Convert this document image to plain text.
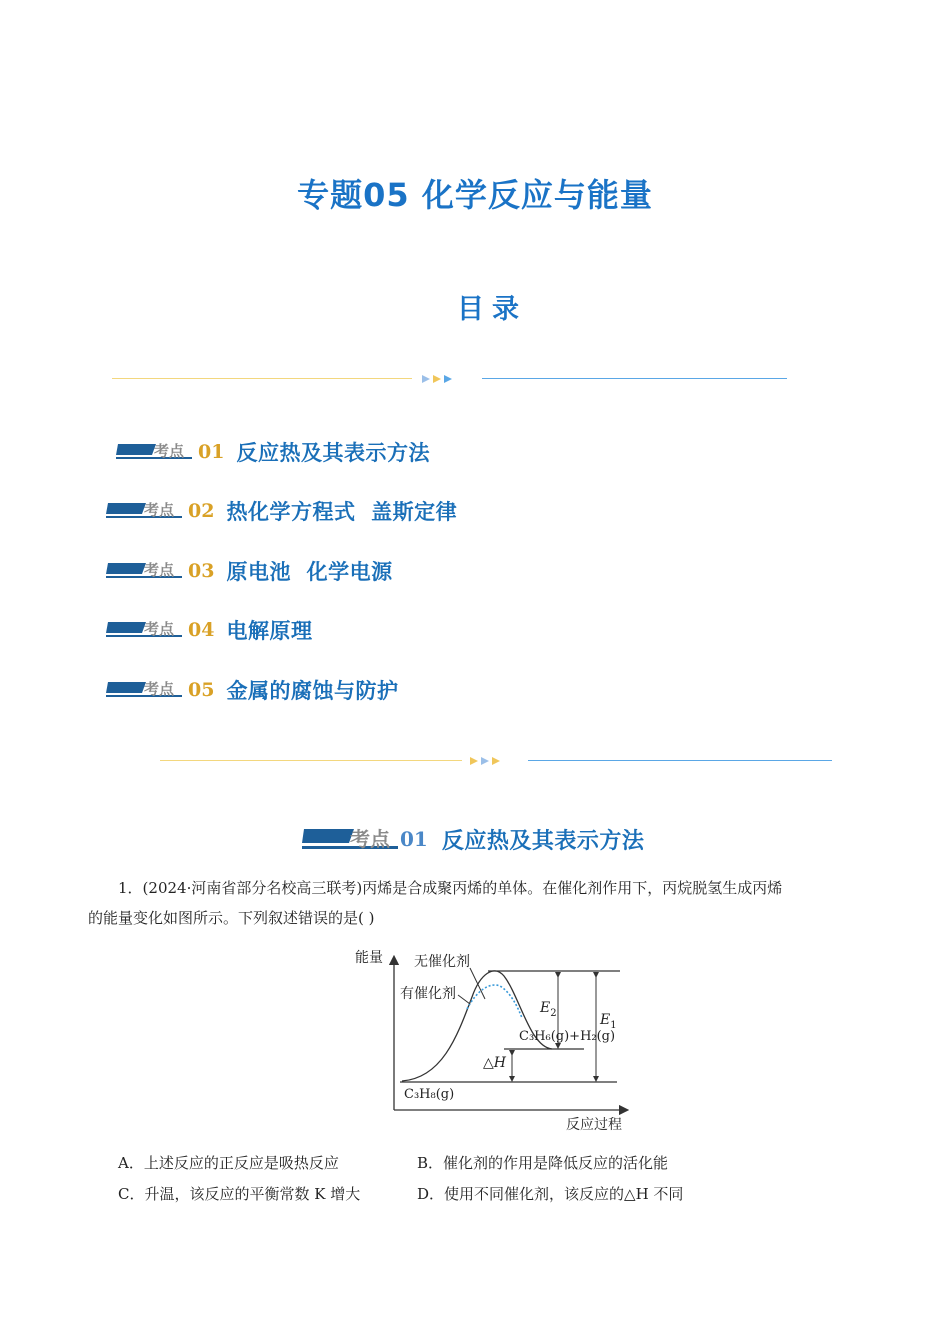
专题05 化学反应与能量
目录
考点 01 反应热及其表示方法
考点 02 热化学方程式  盖斯定律
考点 03 原电池  化学电源
考点 04 电解原理
考点 05 金属的腐蚀与防护
考点 01 反应热及其表示方法
1．(2024·河南省部分名校高三联考)丙烯是合成聚丙烯的单体。在催化剂作用下，丙烷脱氢生成丙烯
的能量变化如图所示。下列叙述错误的是( )
能量 无催化剂
有催化剂
$E_2$	$E_1$
△H
C₃H₆(g)+H₂(g)
C₃H₈(g)
反应过程
A．上述反应的正反应是吸热反应	B．催化剂的作用是降低反应的活化能
C．升温，该反应的平衡常数 K 增大	D．使用不同催化剂，该反应的△H 不同
